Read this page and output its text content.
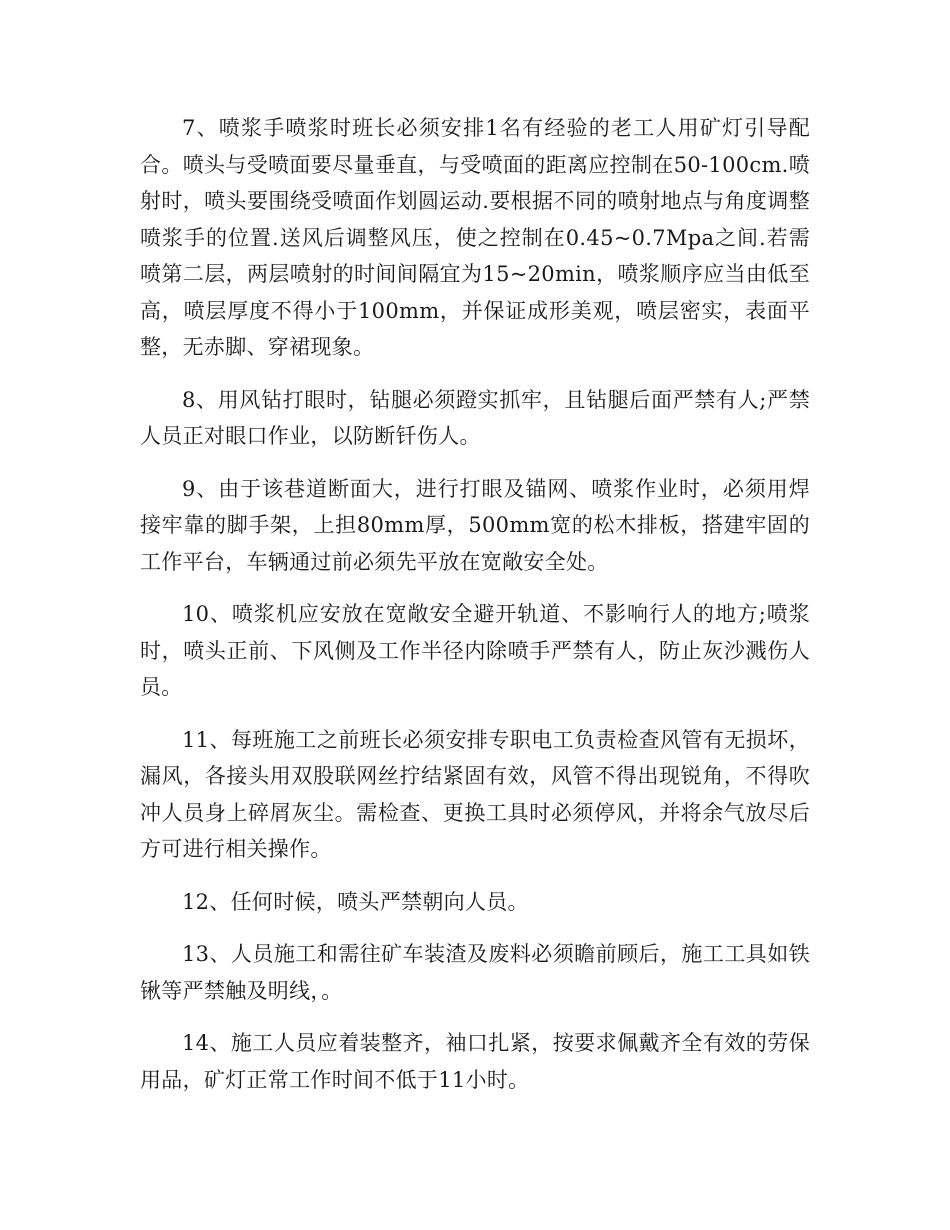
7、喷浆手喷浆时班长必须安排1名有经验的老工人用矿灯引导配合。喷头与受喷面要尽量垂直，与受喷面的距离应控制在50-100cm.喷射时，喷头要围绕受喷面作划圆运动.要根据不同的喷射地点与角度调整喷浆手的位置.送风后调整风压，使之控制在0.45~0.7Mpa之间.若需喷第二层，两层喷射的时间间隔宜为15~20min，喷浆顺序应当由低至高，喷层厚度不得小于100mm，并保证成形美观，喷层密实，表面平整，无赤脚、穿裙现象。

8、用风钻打眼时，钻腿必须蹬实抓牢，且钻腿后面严禁有人;严禁人员正对眼口作业，以防断钎伤人。

9、由于该巷道断面大，进行打眼及锚网、喷浆作业时，必须用焊接牢靠的脚手架，上担80mm厚，500mm宽的松木排板，搭建牢固的工作平台，车辆通过前必须先平放在宽敞安全处。

10、喷浆机应安放在宽敞安全避开轨道、不影响行人的地方;喷浆时，喷头正前、下风侧及工作半径内除喷手严禁有人，防止灰沙溅伤人员。

11、每班施工之前班长必须安排专职电工负责检查风管有无损坏，漏风，各接头用双股联网丝拧结紧固有效，风管不得出现锐角，不得吹冲人员身上碎屑灰尘。需检查、更换工具时必须停风，并将余气放尽后方可进行相关操作。

12、任何时候，喷头严禁朝向人员。

13、人员施工和需往矿车装渣及废料必须瞻前顾后，施工工具如铁锹等严禁触及明线，。

14、施工人员应着装整齐，袖口扎紧，按要求佩戴齐全有效的劳保用品，矿灯正常工作时间不低于11小时。
